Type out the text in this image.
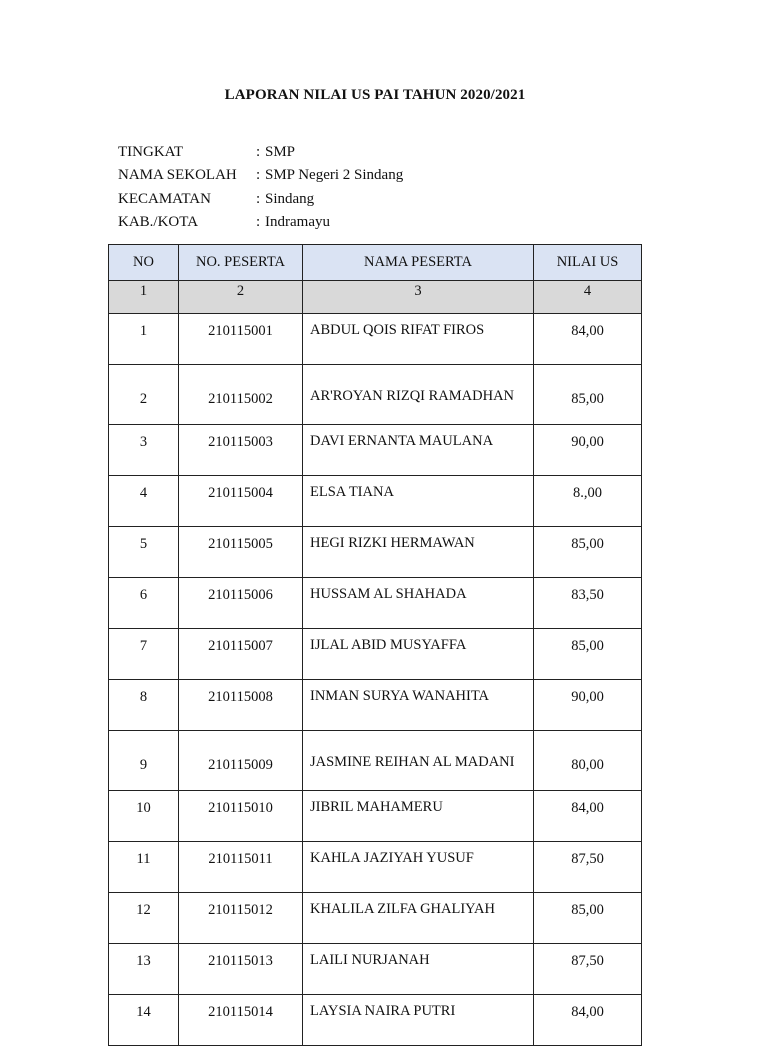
LAPORAN NILAI US PAI TAHUN 2020/2021
TINGKAT	: SMP
NAMA SEKOLAH	: SMP Negeri 2 Sindang
KECAMATAN	: Sindang
KAB./KOTA	: Indramayu
NO	NO. PESERTA	NAMA PESERTA	NILAI US
1	2	3	4
1	210115001	ABDUL QOIS RIFAT FIROS	84,00
2	210115002	AR'ROYAN RIZQI RAMADHAN	85,00
3	210115003	DAVI ERNANTA MAULANA	90,00
4	210115004	ELSA TIANA	8.,00
5	210115005	HEGI RIZKI HERMAWAN	85,00
6	210115006	HUSSAM AL SHAHADA	83,50
7	210115007	IJLAL ABID MUSYAFFA	85,00
8	210115008	INMAN SURYA WANAHITA	90,00
9	210115009	JASMINE REIHAN AL MADANI	80,00
10	210115010	JIBRIL MAHAMERU	84,00
11	210115011	KAHLA JAZIYAH YUSUF	87,50
12	210115012	KHALILA ZILFA GHALIYAH	85,00
13	210115013	LAILI NURJANAH	87,50
14	210115014	LAYSIA NAIRA PUTRI	84,00
